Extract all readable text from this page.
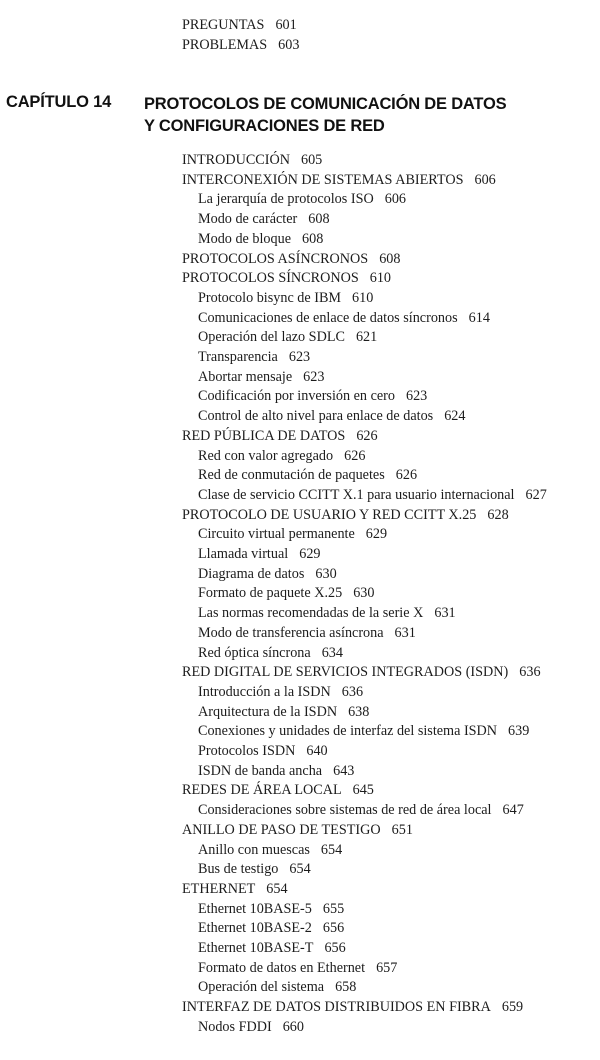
PREGUNTAS 601
PROBLEMAS 603
CAPÍTULO 14 PROTOCOLOS DE COMUNICACIÓN DE DATOS
Y CONFIGURACIONES DE RED
INTRODUCCIÓN 605
INTERCONEXIÓN DE SISTEMAS ABIERTOS 606
La jerarquía de protocolos ISO 606
Modo de carácter 608
Modo de bloque 608
PROTOCOLOS ASÍNCRONOS 608
PROTOCOLOS SÍNCRONOS 610
Protocolo bisync de IBM 610
Comunicaciones de enlace de datos síncronos 614
Operación del lazo SDLC 621
Transparencia 623
Abortar mensaje 623
Codificación por inversión en cero 623
Control de alto nivel para enlace de datos 624
RED PÚBLICA DE DATOS 626
Red con valor agregado 626
Red de conmutación de paquetes 626
Clase de servicio CCITT X.1 para usuario internacional 627
PROTOCOLO DE USUARIO Y RED CCITT X.25 628
Circuito virtual permanente 629
Llamada virtual 629
Diagrama de datos 630
Formato de paquete X.25 630
Las normas recomendadas de la serie X 631
Modo de transferencia asíncrona 631
Red óptica síncrona 634
RED DIGITAL DE SERVICIOS INTEGRADOS (ISDN) 636
Introducción a la ISDN 636
Arquitectura de la ISDN 638
Conexiones y unidades de interfaz del sistema ISDN 639
Protocolos ISDN 640
ISDN de banda ancha 643
REDES DE ÁREA LOCAL 645
Consideraciones sobre sistemas de red de área local 647
ANILLO DE PASO DE TESTIGO 651
Anillo con muescas 654
Bus de testigo 654
ETHERNET 654
Ethernet 10BASE-5 655
Ethernet 10BASE-2 656
Ethernet 10BASE-T 656
Formato de datos en Ethernet 657
Operación del sistema 658
INTERFAZ DE DATOS DISTRIBUIDOS EN FIBRA 659
Nodos FDDI 660
